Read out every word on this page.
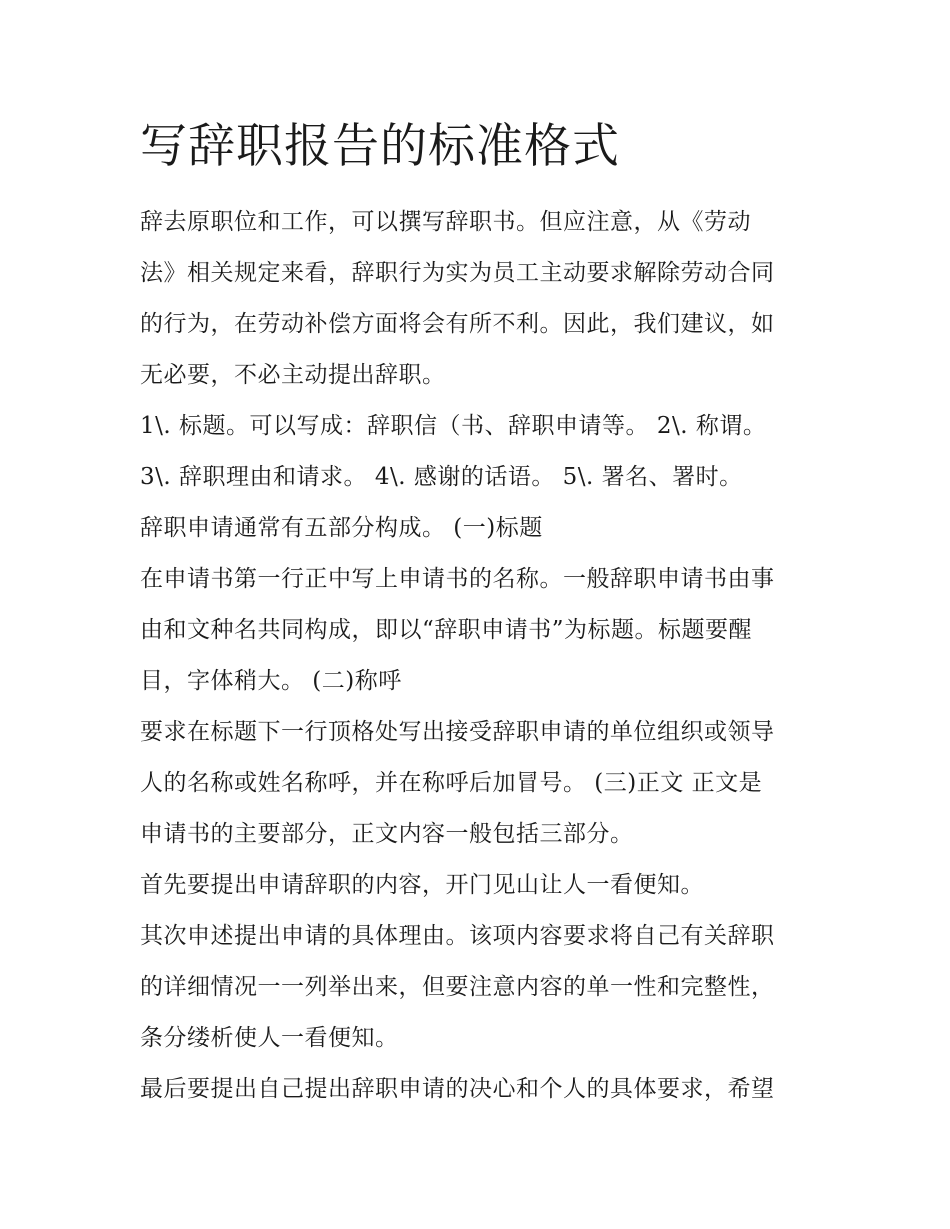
写辞职报告的标准格式
辞去原职位和工作，可以撰写辞职书。但应注意，从《劳动
法》相关规定来看，辞职行为实为员工主动要求解除劳动合同
的行为，在劳动补偿方面将会有所不利。因此，我们建议，如
无必要，不必主动提出辞职。
1\. 标题。可以写成：辞职信（书、辞职申请等。 2\. 称谓。
3\. 辞职理由和请求。 4\. 感谢的话语。 5\. 署名、署时。
辞职申请通常有五部分构成。 (一)标题
在申请书第一行正中写上申请书的名称。一般辞职申请书由事
由和文种名共同构成，即以“辞职申请书”为标题。标题要醒
目，字体稍大。 (二)称呼
要求在标题下一行顶格处写出接受辞职申请的单位组织或领导
人的名称或姓名称呼，并在称呼后加冒号。 (三)正文 正文是
申请书的主要部分，正文内容一般包括三部分。
首先要提出申请辞职的内容，开门见山让人一看便知。
其次申述提出申请的具体理由。该项内容要求将自己有关辞职
的详细情况一一列举出来，但要注意内容的单一性和完整性，
条分缕析使人一看便知。
最后要提出自己提出辞职申请的决心和个人的具体要求，希望
